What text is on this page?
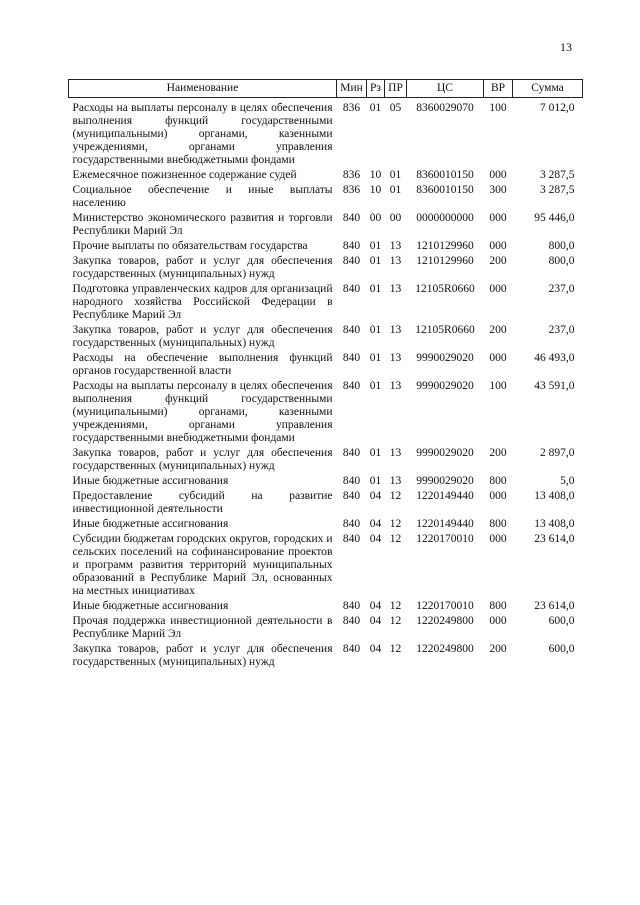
13
Наименование	Мин	Рз	ПР	ЦС	ВР	Сумма

Расходы на выплаты персоналу в целях обеспечения выполнения функций государственными (муниципальными) органами, казенными учреждениями, органами управления государственными внебюджетными фондами	836	01	05	8360029070	100	7 012,0
Ежемесячное пожизненное содержание судей	836	10	01	8360010150	000	3 287,5
Социальное обеспечение и иные выплаты населению	836	10	01	8360010150	300	3 287,5
Министерство экономического развития и торговли Республики Марий Эл	840	00	00	0000000000	000	95 446,0
Прочие выплаты по обязательствам государства	840	01	13	1210129960	000	800,0
Закупка товаров, работ и услуг для обеспечения государственных (муниципальных) нужд	840	01	13	1210129960	200	800,0
Подготовка управленческих кадров для организаций народного хозяйства Российской Федерации в Республике Марий Эл	840	01	13	12105R0660	000	237,0
Закупка товаров, работ и услуг для обеспечения государственных (муниципальных) нужд	840	01	13	12105R0660	200	237,0
Расходы на обеспечение выполнения функций органов государственной власти	840	01	13	9990029020	000	46 493,0
Расходы на выплаты персоналу в целях обеспечения выполнения функций государственными (муниципальными) органами, казенными учреждениями, органами управления государственными внебюджетными фондами	840	01	13	9990029020	100	43 591,0
Закупка товаров, работ и услуг для обеспечения государственных (муниципальных) нужд	840	01	13	9990029020	200	2 897,0
Иные бюджетные ассигнования	840	01	13	9990029020	800	5,0
Предоставление субсидий на развитие инвестиционной деятельности	840	04	12	1220149440	000	13 408,0
Иные бюджетные ассигнования	840	04	12	1220149440	800	13 408,0
Субсидии бюджетам городских округов, городских и сельских поселений на софинансирование проектов и программ развития территорий муниципальных образований в Республике Марий Эл, основанных на местных инициативах	840	04	12	1220170010	000	23 614,0
Иные бюджетные ассигнования	840	04	12	1220170010	800	23 614,0
Прочая поддержка инвестиционной деятельности в Республике Марий Эл	840	04	12	1220249800	000	600,0
Закупка товаров, работ и услуг для обеспечения государственных (муниципальных) нужд	840	04	12	1220249800	200	600,0
